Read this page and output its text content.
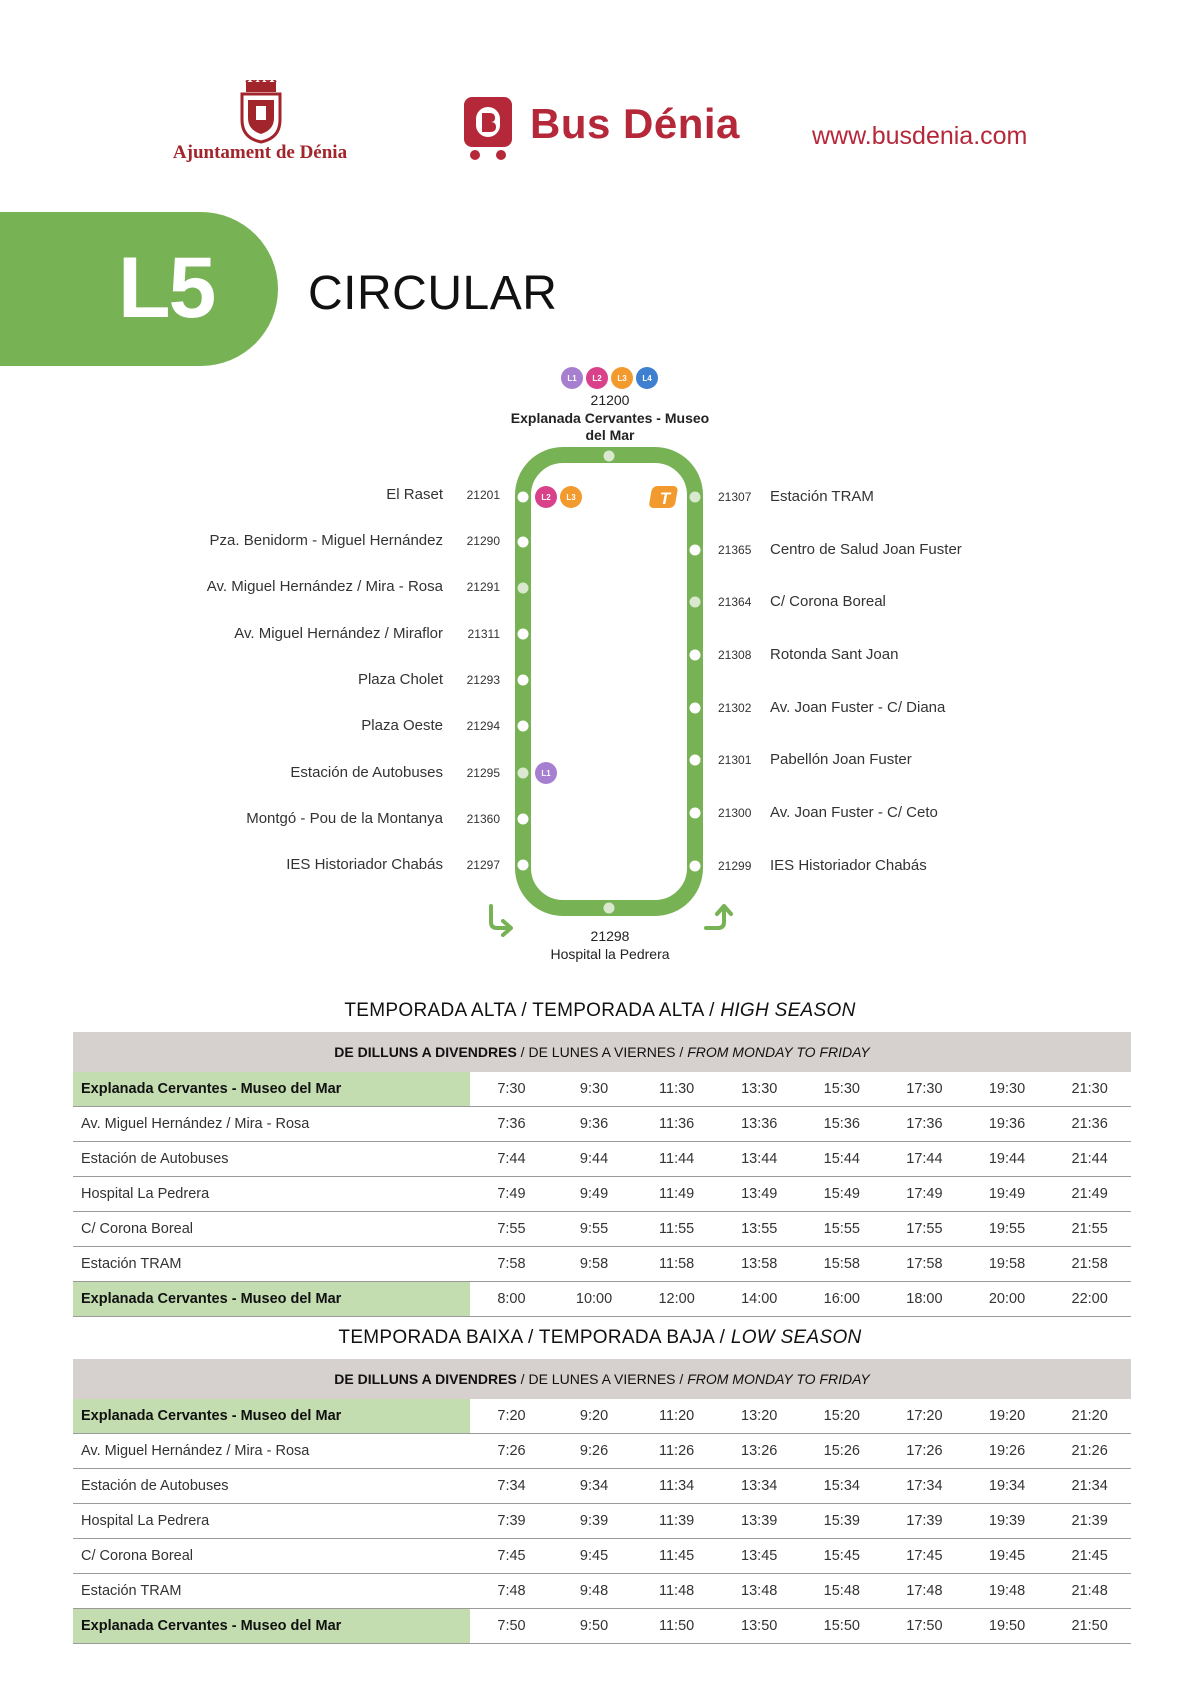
Ajuntament de Dénia
Bus Dénia	www.busdenia.com
L5 CIRCULAR
L1 L2 L3 L4
L2 L3
L1
T
21200
Explanada Cervantes - Museo del Mar
21298
Hospital la Pedrera
El Raset	21201
Pza. Benidorm - Miguel Hernández	21290
Av. Miguel Hernández / Mira - Rosa	21291
Av. Miguel Hernández / Miraflor	21311
Plaza Cholet	21293
Plaza Oeste	21294
Estación de Autobuses	21295
Montgó - Pou de la Montanya	21360
IES Historiador Chabás	21297
21307 Estación TRAM
21365 Centro de Salud Joan Fuster
21364 C/ Corona Boreal
21308 Rotonda Sant Joan
21302 Av. Joan Fuster - C/ Diana
21301 Pabellón Joan Fuster
21300 Av. Joan Fuster - C/ Ceto
21299 IES Historiador Chabás
TEMPORADA ALTA / TEMPORADA ALTA / HIGH SEASON
DE DILLUNS A DIVENDRES / DE LUNES A VIERNES / FROM MONDAY TO FRIDAY								
Explanada Cervantes - Museo del Mar	7:30	9:30	11:30	13:30	15:30	17:30	19:30	21:30
Av. Miguel Hernández / Mira - Rosa	7:36	9:36	11:36	13:36	15:36	17:36	19:36	21:36
Estación de Autobuses	7:44	9:44	11:44	13:44	15:44	17:44	19:44	21:44
Hospital La Pedrera	7:49	9:49	11:49	13:49	15:49	17:49	19:49	21:49
C/ Corona Boreal	7:55	9:55	11:55	13:55	15:55	17:55	19:55	21:55
Estación TRAM	7:58	9:58	11:58	13:58	15:58	17:58	19:58	21:58
Explanada Cervantes - Museo del Mar	8:00	10:00	12:00	14:00	16:00	18:00	20:00	22:00
TEMPORADA BAIXA / TEMPORADA BAJA / LOW SEASON
DE DILLUNS A DIVENDRES / DE LUNES A VIERNES / FROM MONDAY TO FRIDAY								
Explanada Cervantes - Museo del Mar	7:20	9:20	11:20	13:20	15:20	17:20	19:20	21:20
Av. Miguel Hernández / Mira - Rosa	7:26	9:26	11:26	13:26	15:26	17:26	19:26	21:26
Estación de Autobuses	7:34	9:34	11:34	13:34	15:34	17:34	19:34	21:34
Hospital La Pedrera	7:39	9:39	11:39	13:39	15:39	17:39	19:39	21:39
C/ Corona Boreal	7:45	9:45	11:45	13:45	15:45	17:45	19:45	21:45
Estación TRAM	7:48	9:48	11:48	13:48	15:48	17:48	19:48	21:48
Explanada Cervantes - Museo del Mar	7:50	9:50	11:50	13:50	15:50	17:50	19:50	21:50
